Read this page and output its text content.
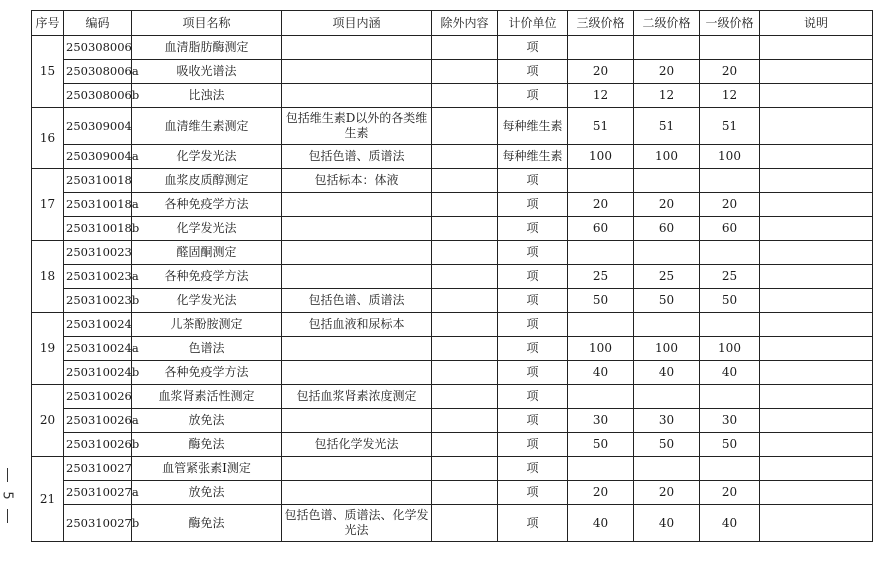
5
序号	编码	项目名称	项目内涵	除外内容	计价单位	三级价格	二级价格	一级价格	说明
15	250308006	血清脂肪酶测定			项				
	250308006a	吸收光谱法			项	20	20	20	
	250308006b	比浊法			项	12	12	12	
16	250309004	血清维生素测定	包括维生素D以外的各类维生素		每种维生素	51	51	51	
	250309004a	化学发光法	包括色谱、质谱法		每种维生素	100	100	100	
17	250310018	血浆皮质醇测定	包括标本：体液		项				
	250310018a	各种免疫学方法			项	20	20	20	
	250310018b	化学发光法			项	60	60	60	
18	250310023	醛固酮测定			项				
	250310023a	各种免疫学方法			项	25	25	25	
	250310023b	化学发光法	包括色谱、质谱法		项	50	50	50	
19	250310024	儿茶酚胺测定	包括血液和尿标本		项				
	250310024a	色谱法			项	100	100	100	
	250310024b	各种免疫学方法			项	40	40	40	
20	250310026	血浆肾素活性测定	包括血浆肾素浓度测定		项				
	250310026a	放免法			项	30	30	30	
	250310026b	酶免法	包括化学发光法		项	50	50	50	
21	250310027	血管紧张素Ⅰ测定			项				
	250310027a	放免法			项	20	20	20	
	250310027b	酶免法	包括色谱、质谱法、化学发光法		项	40	40	40	
